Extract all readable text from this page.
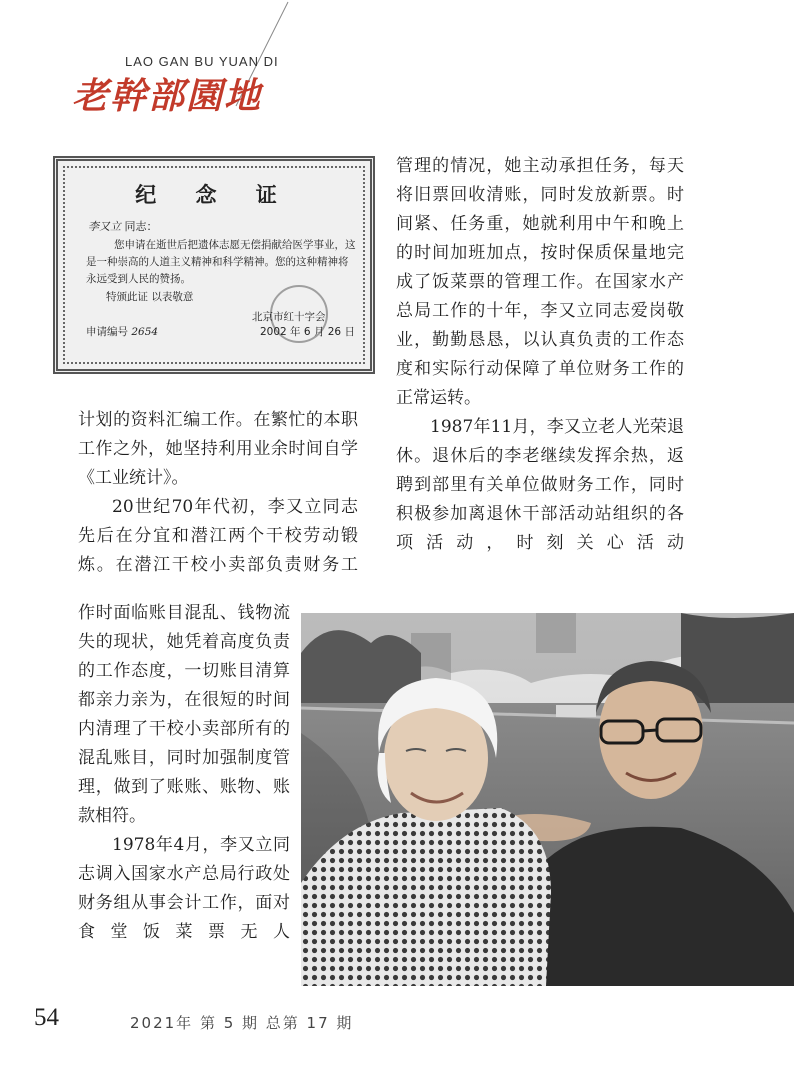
LAO GAN BU YUAN DI
老幹部園地
纪 念 证
李又立 同志：
您申请在逝世后把遗体志愿无偿捐献给医学事业，这是一种崇高的人道主义精神和科学精神。您的这种精神将永远受到人民的赞扬。
特颁此证 以表敬意
北京市红十字会
申请编号 2654	2002 年 6 月 26 日

管理的情况，她主动承担任务，每天将旧票回收清账，同时发放新票。时间紧、任务重，她就利用中午和晚上的时间加班加点，按时保质保量地完成了饭菜票的管理工作。在国家水产总局工作的十年，李又立同志爱岗敬业，勤勤恳恳，以认真负责的工作态度和实际行动保障了单位财务工作的正常运转。

1987年11月，李又立老人光荣退休。退休后的李老继续发挥余热，返聘到部里有关单位做财务工作，同时积极参加离退休干部活动站组织的各项活动，时刻关心活动

计划的资料汇编工作。在繁忙的本职工作之外，她坚持利用业余时间自学《工业统计》。

20世纪70年代初，李又立同志先后在分宜和潜江两个干校劳动锻炼。在潜江干校小卖部负责财务工

作时面临账目混乱、钱物流失的现状，她凭着高度负责的工作态度，一切账目清算都亲力亲为，在很短的时间内清理了干校小卖部所有的混乱账目，同时加强制度管理，做到了账账、账物、账款相符。

1978年4月，李又立同志调入国家水产总局行政处财务组从事会计工作，面对食堂饭菜票无人

54	2021年 第 5 期 总第 17 期
